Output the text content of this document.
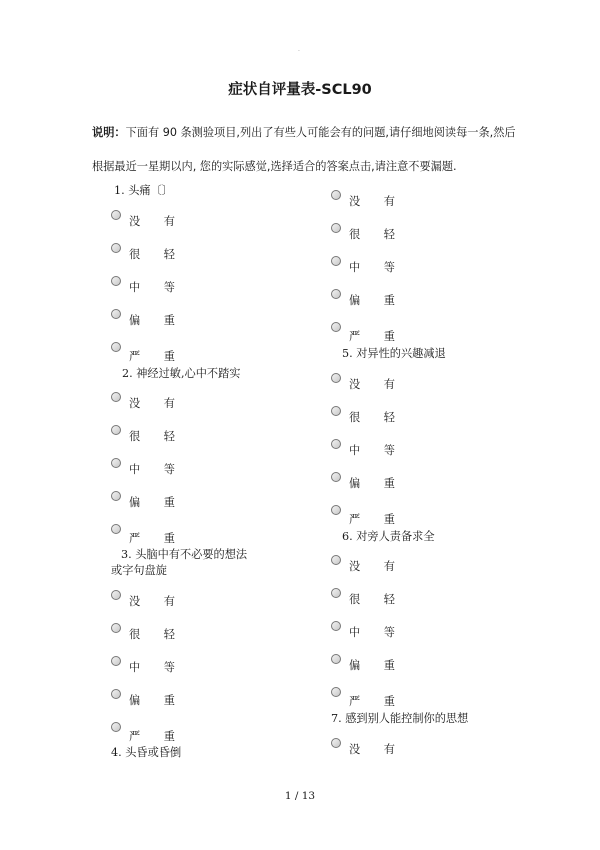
.
症状自评量表-SCL90
说明：下面有 90 条测验项目,列出了有些人可能会有的问题,请仔细地阅读每一条,然后
根据最近一星期以内, 您的实际感觉,选择适合的答案点击,请注意不要漏题.
1. 头痛〔〕
没 有
很 轻
中 等
偏 重
严 重
2. 神经过敏,心中不踏实
没 有
很 轻
中 等
偏 重
严 重
3. 头脑中有不必要的想法
或字句盘旋
没 有
很 轻
中 等
偏 重
严 重
4. 头昏或昏倒
没 有
很 轻
中 等
偏 重
严 重
5. 对异性的兴趣减退
没 有
很 轻
中 等
偏 重
严 重
6. 对旁人责备求全
没 有
很 轻
中 等
偏 重
严 重
7. 感到别人能控制你的思想
没 有
1 / 13
